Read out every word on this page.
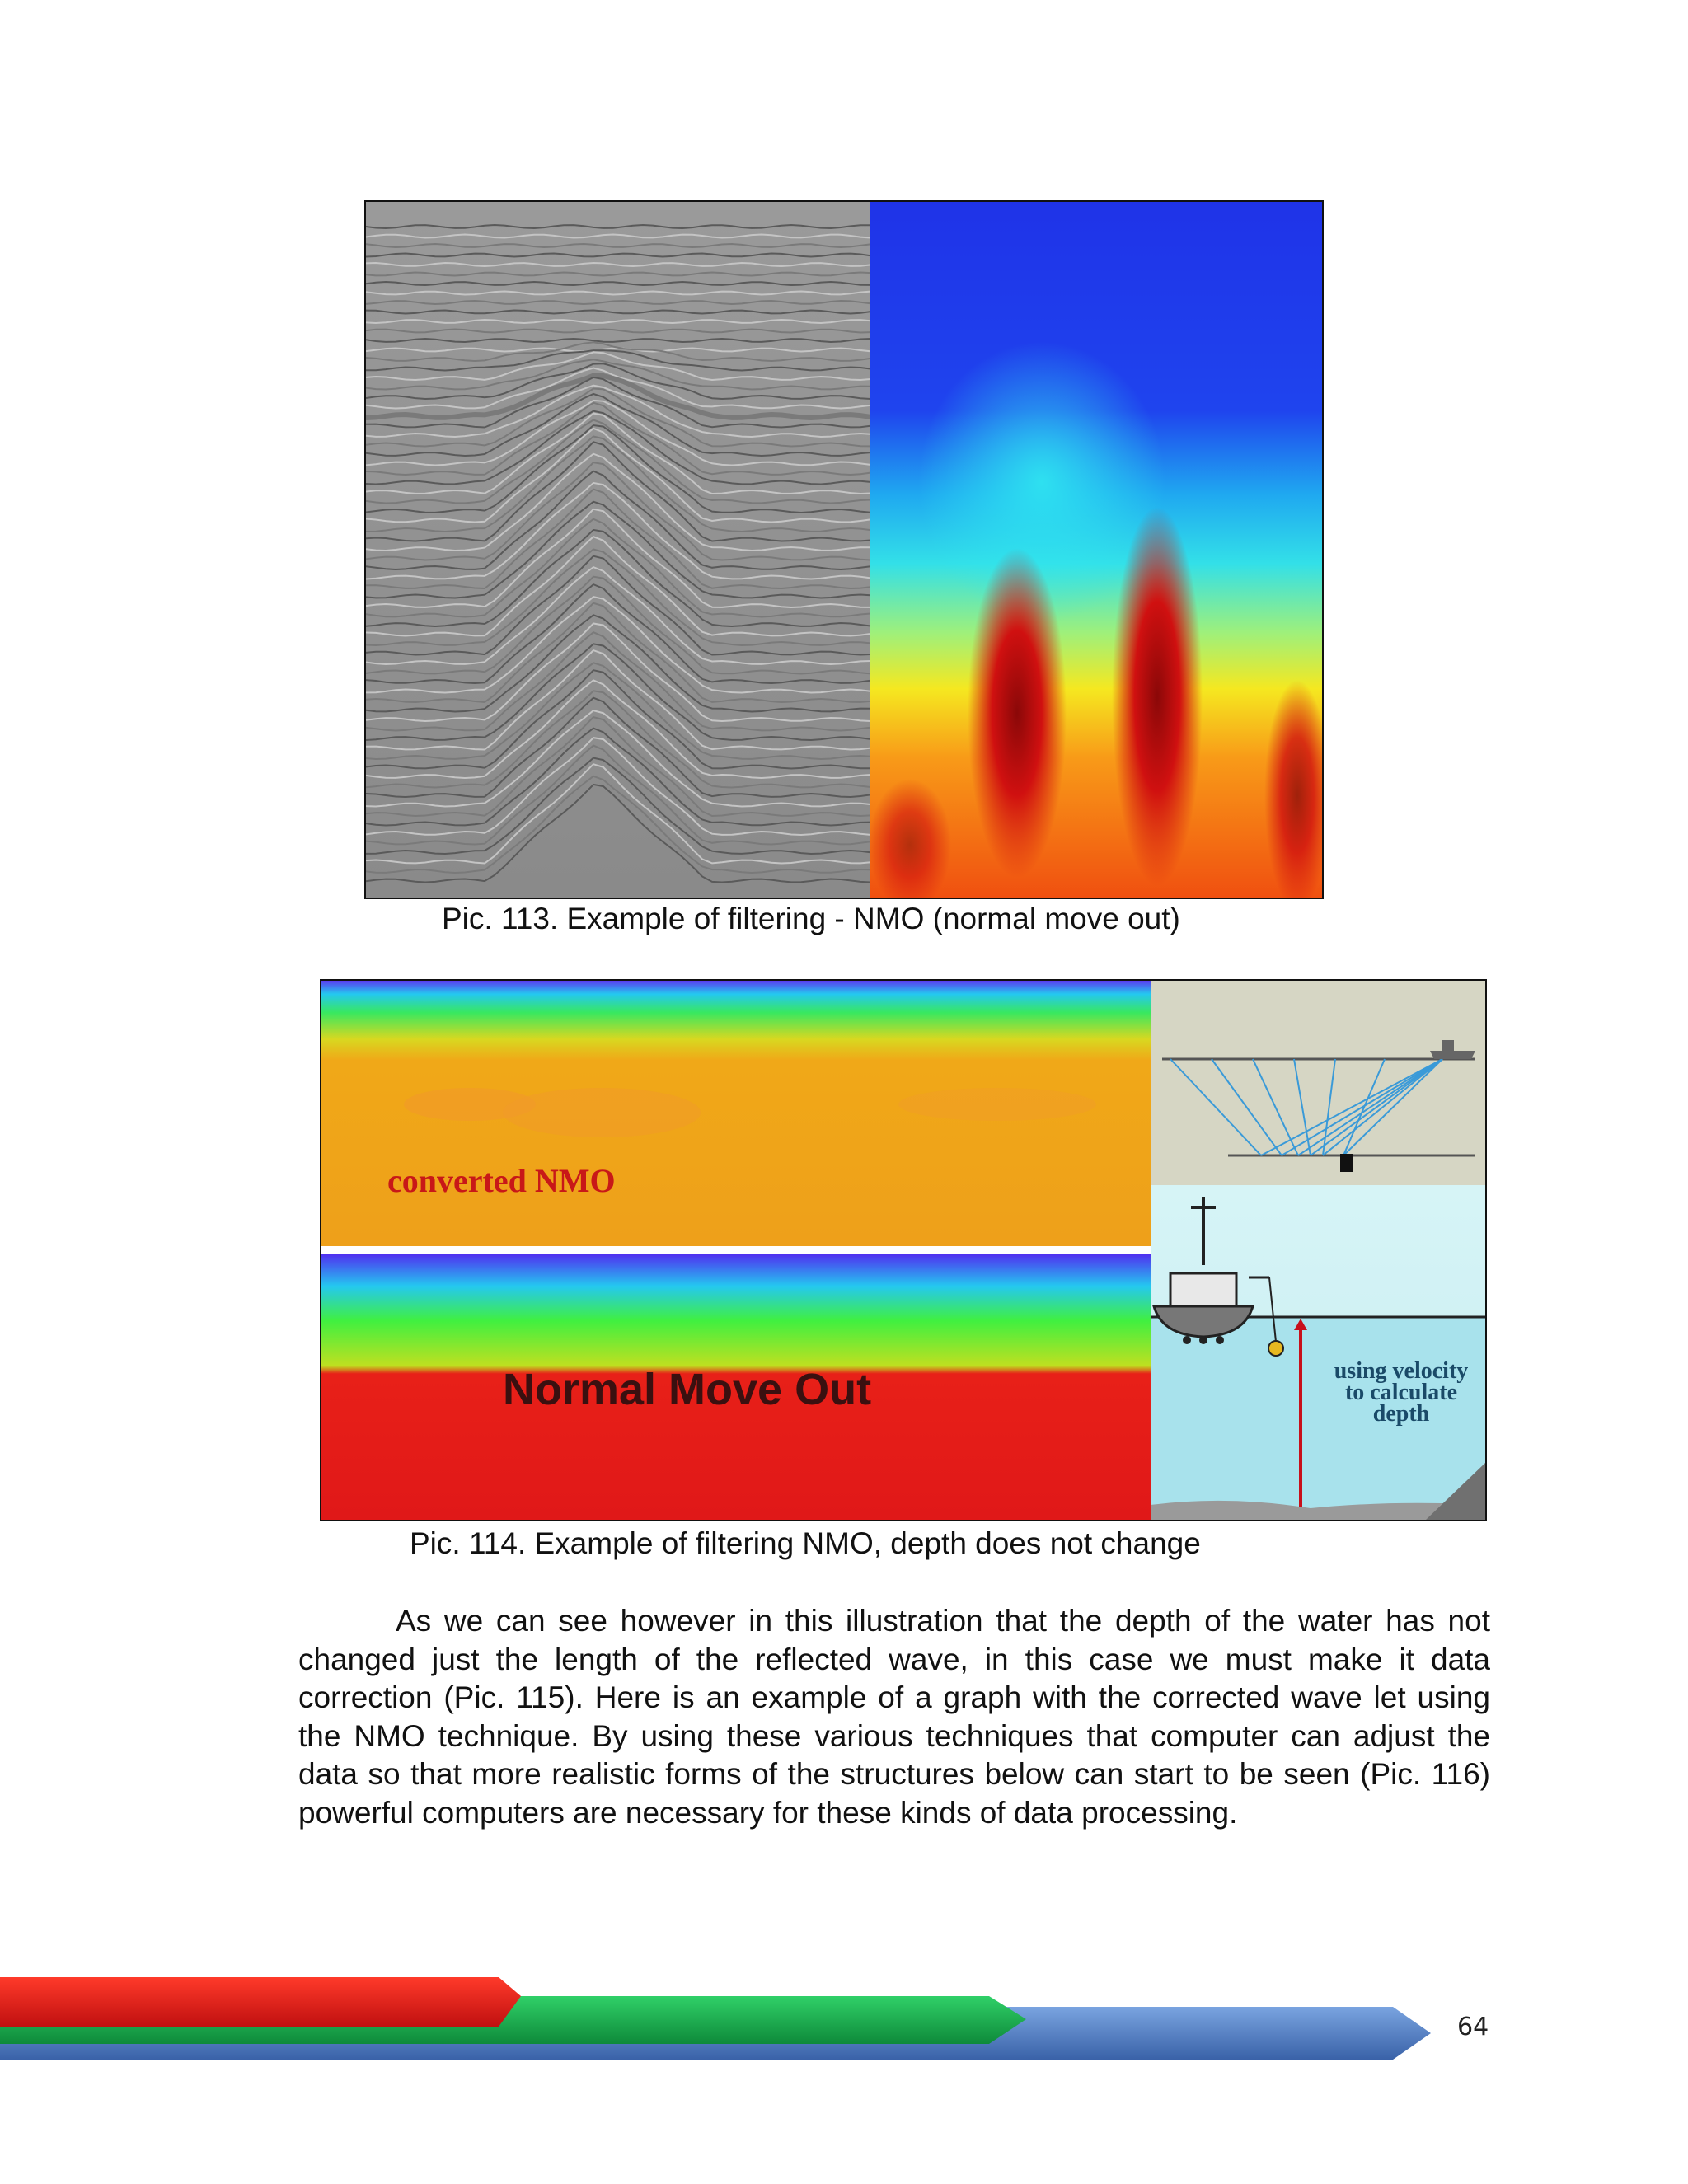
Pic. 113. Example of filtering - NMO (normal move out)
converted NMO
Normal Move Out	using velocity
to calculate
depth
Pic. 114. Example of filtering NMO, depth does not change

As we can see however in this illustration that the depth of the water has not changed just the length of the reflected wave, in this case we must make it data correction (Pic. 115). Here is an example of a graph with the corrected wave let using the NMO technique. By using these various techniques that computer can adjust the data so that more realistic forms of the structures below can start to be seen (Pic. 116) powerful computers are necessary for these kinds of data processing.

64
